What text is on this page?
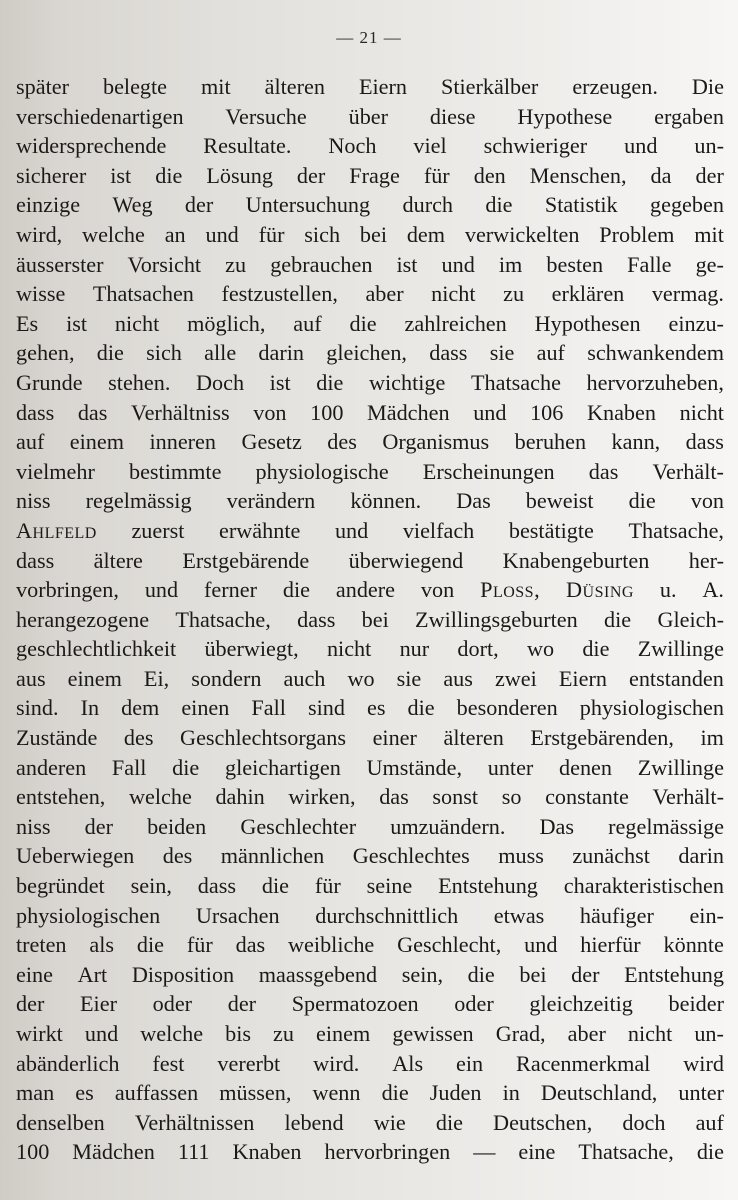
— 21 —
später belegte mit älteren Eiern Stierkälber erzeugen. Die
verschiedenartigen Versuche über diese Hypothese ergaben
widersprechende Resultate. Noch viel schwieriger und un-
sicherer ist die Lösung der Frage für den Menschen, da der
einzige Weg der Untersuchung durch die Statistik gegeben
wird, welche an und für sich bei dem verwickelten Problem mit
äusserster Vorsicht zu gebrauchen ist und im besten Falle ge-
wisse Thatsachen festzustellen, aber nicht zu erklären vermag.
Es ist nicht möglich, auf die zahlreichen Hypothesen einzu-
gehen, die sich alle darin gleichen, dass sie auf schwankendem
Grunde stehen. Doch ist die wichtige Thatsache hervorzuheben,
dass das Verhältniss von 100 Mädchen und 106 Knaben nicht
auf einem inneren Gesetz des Organismus beruhen kann, dass
vielmehr bestimmte physiologische Erscheinungen das Verhält-
niss regelmässig verändern können. Das beweist die von
Ahlfeld zuerst erwähnte und vielfach bestätigte Thatsache,
dass ältere Erstgebärende überwiegend Knabengeburten her-
vorbringen, und ferner die andere von Ploss, Düsing u. A.
herangezogene Thatsache, dass bei Zwillingsgeburten die Gleich-
geschlechtlichkeit überwiegt, nicht nur dort, wo die Zwillinge
aus einem Ei, sondern auch wo sie aus zwei Eiern entstanden
sind. In dem einen Fall sind es die besonderen physiologischen
Zustände des Geschlechtsorgans einer älteren Erstgebärenden, im
anderen Fall die gleichartigen Umstände, unter denen Zwillinge
entstehen, welche dahin wirken, das sonst so constante Verhält-
niss der beiden Geschlechter umzuändern. Das regelmässige
Ueberwiegen des männlichen Geschlechtes muss zunächst darin
begründet sein, dass die für seine Entstehung charakteristischen
physiologischen Ursachen durchschnittlich etwas häufiger ein-
treten als die für das weibliche Geschlecht, und hierfür könnte
eine Art Disposition maassgebend sein, die bei der Entstehung
der Eier oder der Spermatozoen oder gleichzeitig beider
wirkt und welche bis zu einem gewissen Grad, aber nicht un-
abänderlich fest vererbt wird. Als ein Racenmerkmal wird
man es auffassen müssen, wenn die Juden in Deutschland, unter
denselben Verhältnissen lebend wie die Deutschen, doch auf
100 Mädchen 111 Knaben hervorbringen — eine Thatsache, die
